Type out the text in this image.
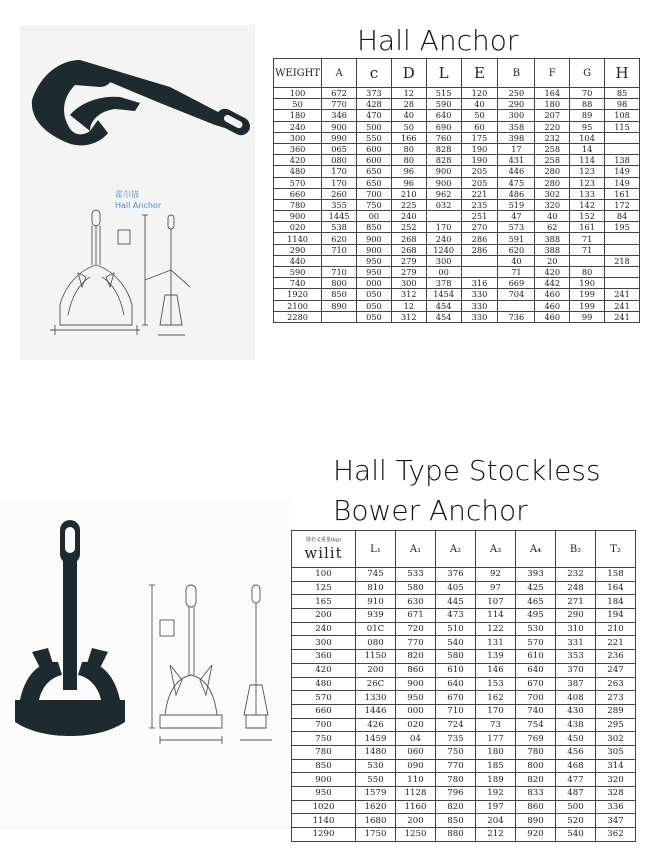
Hall Anchor
Hall Type Stockless
Bower Anchor
霍尔锚
Hall Anchor
WEIGHT	A	c	D	L	E	B	F	G	H
100	672	373	12	515	120	250	164	70	85
50	770	428	28	590	40	290	180	88	98
180	346	470	40	640	50	300	207	89	108
240	900	500	50	690	60	358	220	95	115
300	990	550	166	760	175	398	232	104	
360	065	600	80	828	190	17	258	14	
420	080	600	80	828	190	431	258	114	138
480	170	650	96	900	205	446	280	123	149
570	170	650	96	900	205	475	280	123	149
660	260	700	210	962	221	486	302	133	161
780	355	750	225	032	235	519	320	142	172
900	1445	00	240		251	47	40	152	84
020	538	850	252	170	270	573	62	161	195
1140	620	900	268	240	286	591	388	71	
290	710	900	268	1240	286	620	388	71	
440		950	279	300		40	20		218
590	710	950	279	00		71	420	80	
740	800	000	300	378	316	669	442	190	
1920	850	050	312	1454	330	704	460	199	241
2100	890	050	12	454	330		460	199	241
2280		050	312	454	330	736	460	99	241
锚名义重量(kg)
wilit	L₁	A₁	A₂	A₃	A₄	B₂	T₂
100	745	533	376	92	393	232	158
125	810	580	405	97	425	248	164
165	910	630	445	107	465	271	184
200	939	671	473	114	495	290	194
240	01C	720	510	122	530	310	210
300	080	770	540	131	570	331	221
360	1150	820	580	139	610	353	236
420	200	860	610	146	640	370	247
480	26C	900	640	153	670	387	263
570	1330	950	670	162	700	408	273
660	1446	000	710	170	740	430	289
700	426	020	724	73	754	438	295
750	1459	04	735	177	769	450	302
780	1480	060	750	180	780	456	305
850	530	090	770	185	800	468	314
900	550	110	780	189	820	477	320
950	1579	1128	796	192	833	487	328
1020	1620	1160	820	197	860	500	336
1140	1680	200	850	204	890	520	347
1290	1750	1250	880	212	920	540	362
